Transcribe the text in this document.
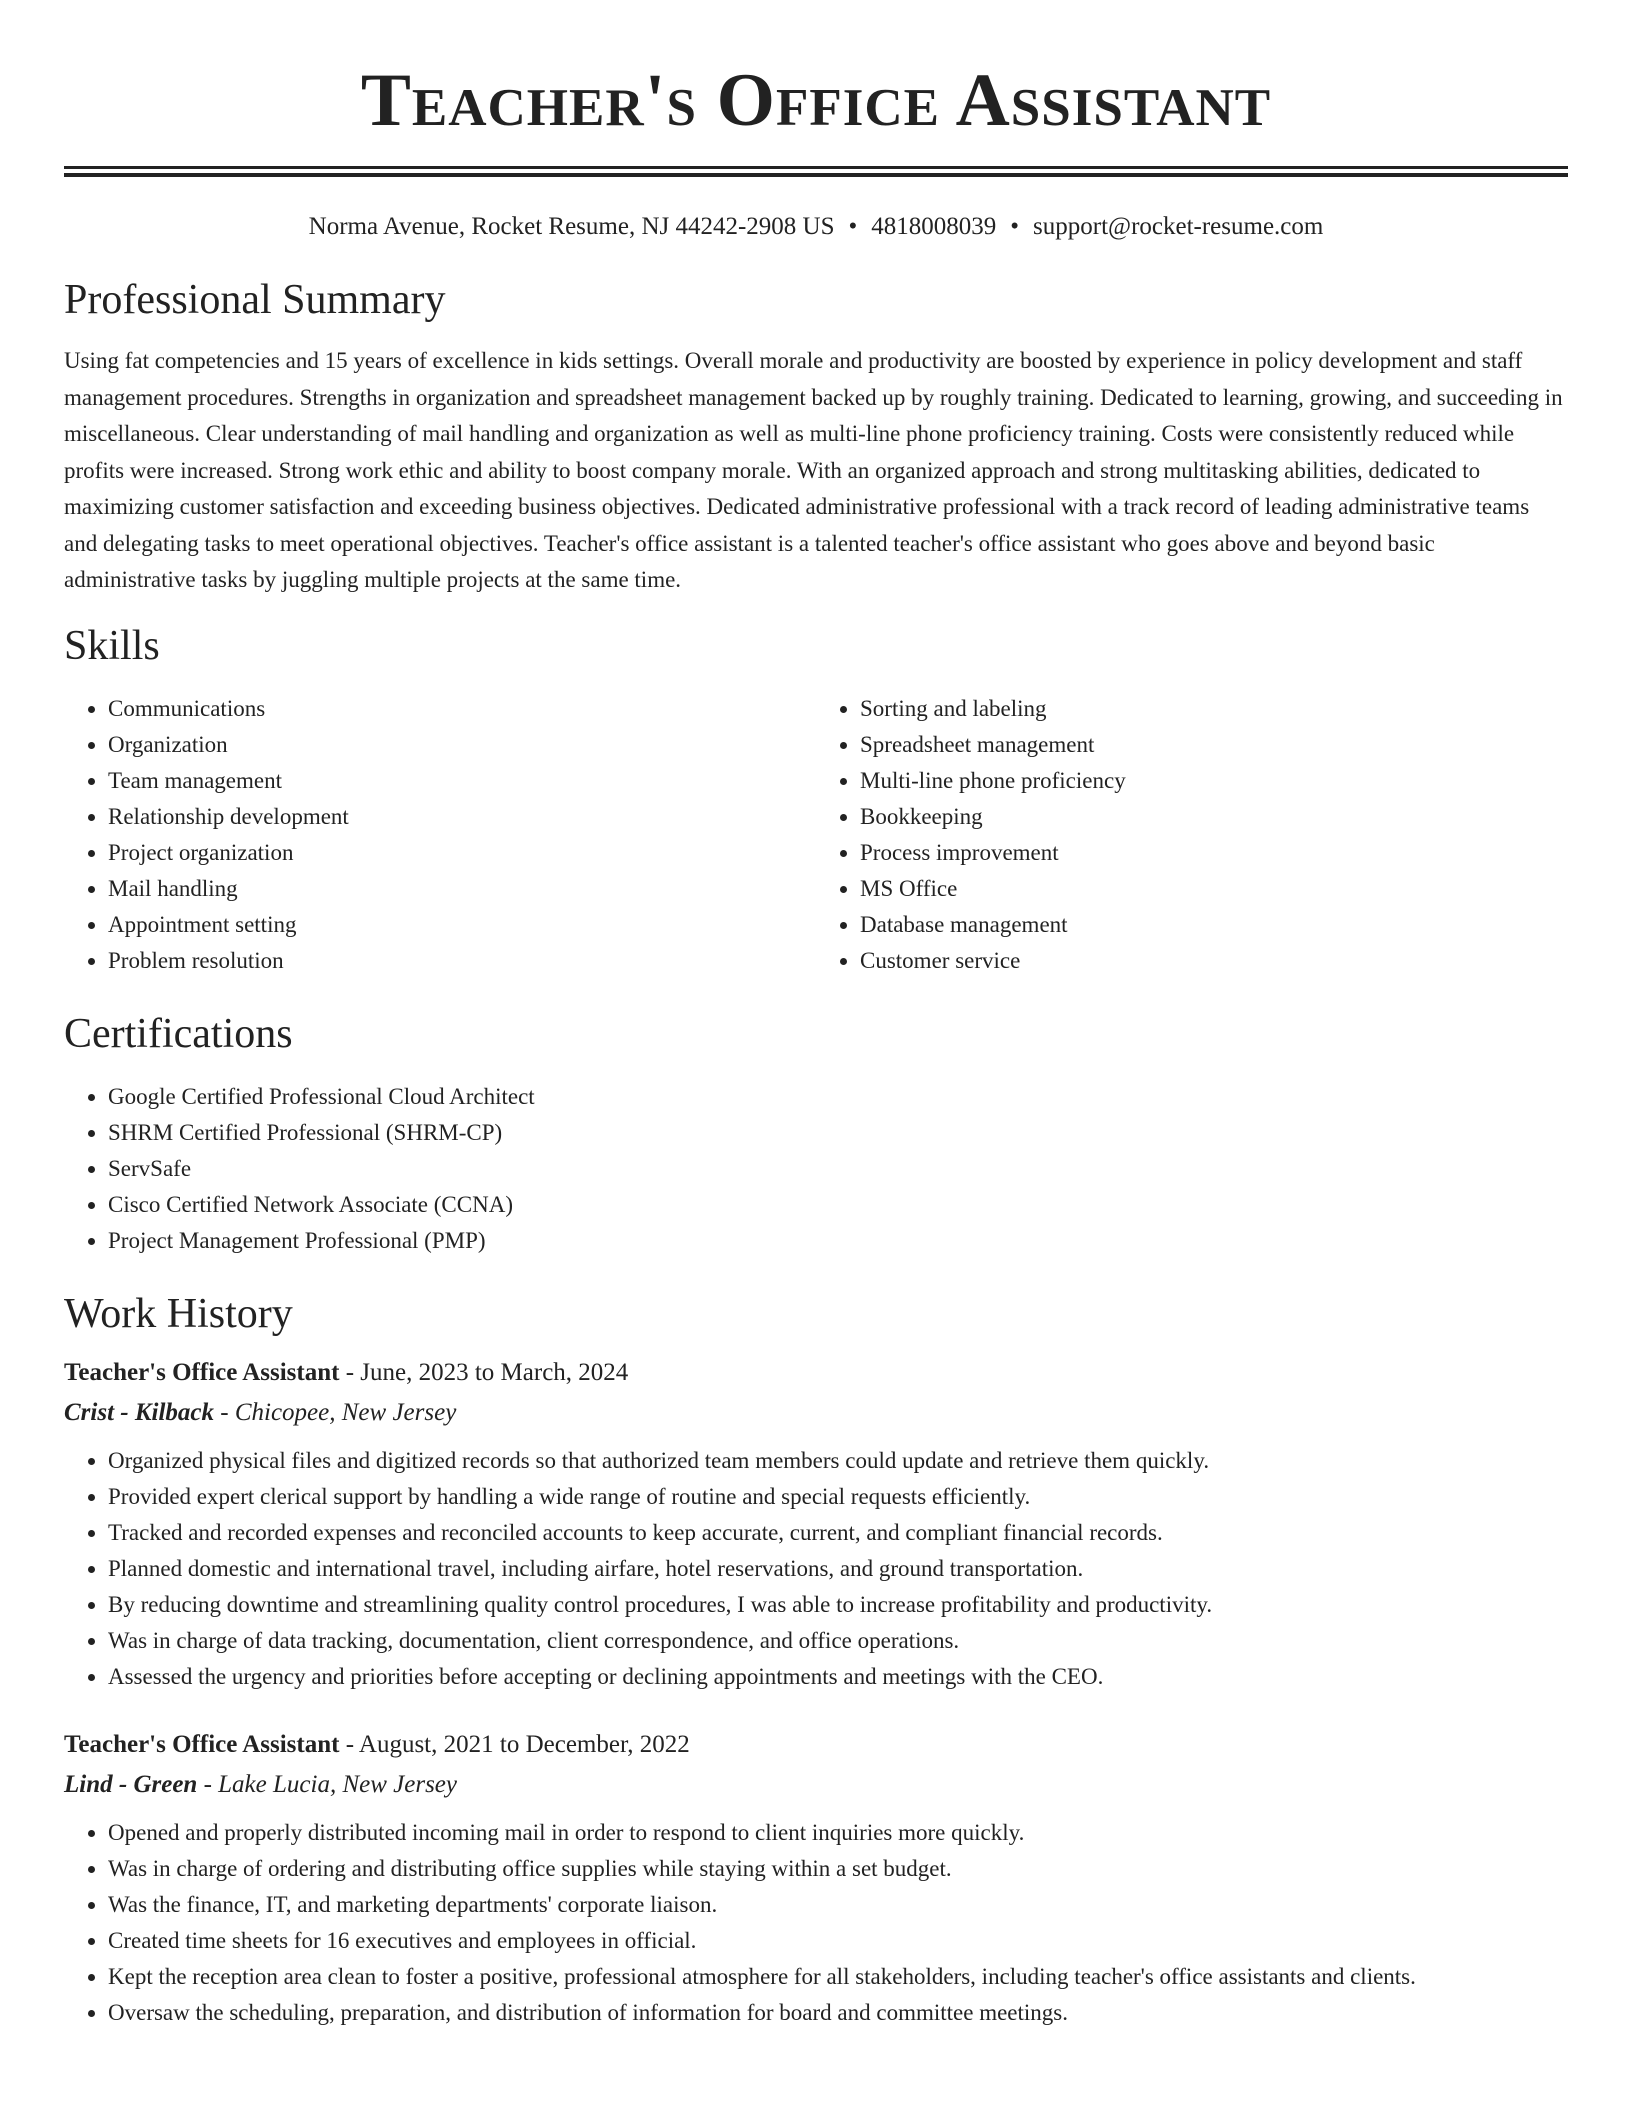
Teacher's Office Assistant
Norma Avenue, Rocket Resume, NJ 44242-2908 US • 4818008039 • support@rocket-resume.com
Professional Summary

Using fat competencies and 15 years of excellence in kids settings. Overall morale and productivity are boosted by experience in policy development and staff management procedures. Strengths in organization and spreadsheet management backed up by roughly training. Dedicated to learning, growing, and succeeding in miscellaneous. Clear understanding of mail handling and organization as well as multi-line phone proficiency training. Costs were consistently reduced while profits were increased. Strong work ethic and ability to boost company morale. With an organized approach and strong multitasking abilities, dedicated to maximizing customer satisfaction and exceeding business objectives. Dedicated administrative professional with a track record of leading administrative teams and delegating tasks to meet operational objectives. Teacher's office assistant is a talented teacher's office assistant who goes above and beyond basic administrative tasks by juggling multiple projects at the same time.

Skills
• Communications
• Organization
• Team management
• Relationship development
• Project organization
• Mail handling
• Appointment setting
• Problem resolution
• Sorting and labeling
• Spreadsheet management
• Multi-line phone proficiency
• Bookkeeping
• Process improvement
• MS Office
• Database management
• Customer service
Certifications
• Google Certified Professional Cloud Architect
• SHRM Certified Professional (SHRM-CP)
• ServSafe
• Cisco Certified Network Associate (CCNA)
• Project Management Professional (PMP)
Work History
Teacher's Office Assistant - June, 2023 to March, 2024
Crist - Kilback - Chicopee, New Jersey
• Organized physical files and digitized records so that authorized team members could update and retrieve them quickly.
• Provided expert clerical support by handling a wide range of routine and special requests efficiently.
• Tracked and recorded expenses and reconciled accounts to keep accurate, current, and compliant financial records.
• Planned domestic and international travel, including airfare, hotel reservations, and ground transportation.
• By reducing downtime and streamlining quality control procedures, I was able to increase profitability and productivity.
• Was in charge of data tracking, documentation, client correspondence, and office operations.
• Assessed the urgency and priorities before accepting or declining appointments and meetings with the CEO.
Teacher's Office Assistant - August, 2021 to December, 2022
Lind - Green - Lake Lucia, New Jersey
• Opened and properly distributed incoming mail in order to respond to client inquiries more quickly.
• Was in charge of ordering and distributing office supplies while staying within a set budget.
• Was the finance, IT, and marketing departments' corporate liaison.
• Created time sheets for 16 executives and employees in official.
• Kept the reception area clean to foster a positive, professional atmosphere for all stakeholders, including teacher's office assistants and clients.
• Oversaw the scheduling, preparation, and distribution of information for board and committee meetings.
